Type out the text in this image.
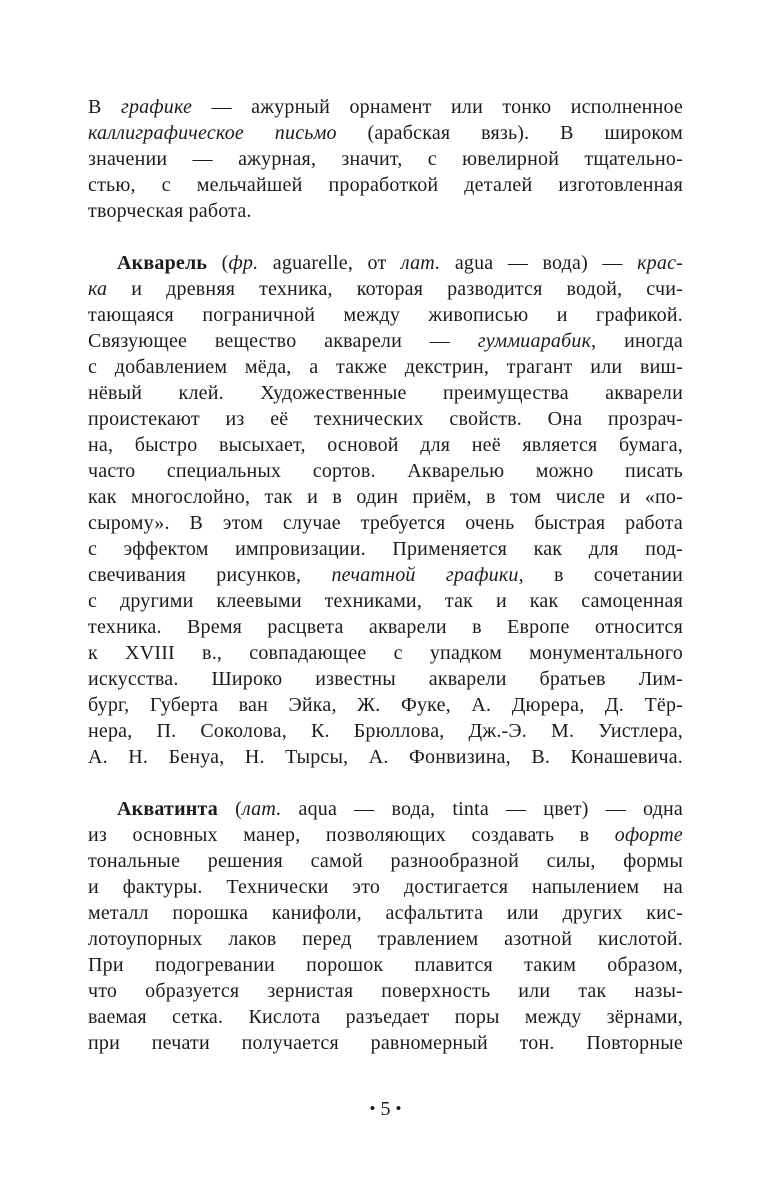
В графике — ажурный орнамент или тонко исполненное
каллиграфическое письмо (арабская вязь). В широком
значении — ажурная, значит, с ювелирной тщательно-
стью, с мельчайшей проработкой деталей изготовленная
творческая работа.
Акварель (фр. aguarelle, от лат. agua — вода) — крас-
ка и древняя техника, которая разводится водой, счи-
тающаяся пограничной между живописью и графикой.
Связующее вещество акварели — гуммиарабик, иногда
с добавлением мёда, а также декстрин, трагант или виш-
нёвый клей. Художественные преимущества акварели
проистекают из её технических свойств. Она прозрач-
на, быстро высыхает, основой для неё является бумага,
часто специальных сортов. Акварелью можно писать
как многослойно, так и в один приём, в том числе и «по-
сырому». В этом случае требуется очень быстрая работа
с эффектом импровизации. Применяется как для под-
свечивания рисунков, печатной графики, в сочетании
с другими клеевыми техниками, так и как самоценная
техника. Время расцвета акварели в Европе относится
к XVIII в., совпадающее с упадком монументального
искусства. Широко известны акварели братьев Лим-
бург, Губерта ван Эйка, Ж. Фуке, А. Дюрера, Д. Тёр-
нера, П. Соколова, К. Брюллова, Дж.-Э. М. Уистлера,
А. Н. Бенуа, Н. Тырсы, А. Фонвизина, В. Конашевича.
Акватинта (лат. aqua — вода, tinta — цвет) — одна
из основных манер, позволяющих создавать в офорте
тональные решения самой разнообразной силы, формы
и фактуры. Технически это достигается напылением на
металл порошка канифоли, асфальтита или других кис-
лотоупорных лаков перед травлением азотной кислотой.
При подогревании порошок плавится таким образом,
что образуется зернистая поверхность или так назы-
ваемая сетка. Кислота разъедает поры между зёрнами,
при печати получается равномерный тон. Повторные
• 5 •
